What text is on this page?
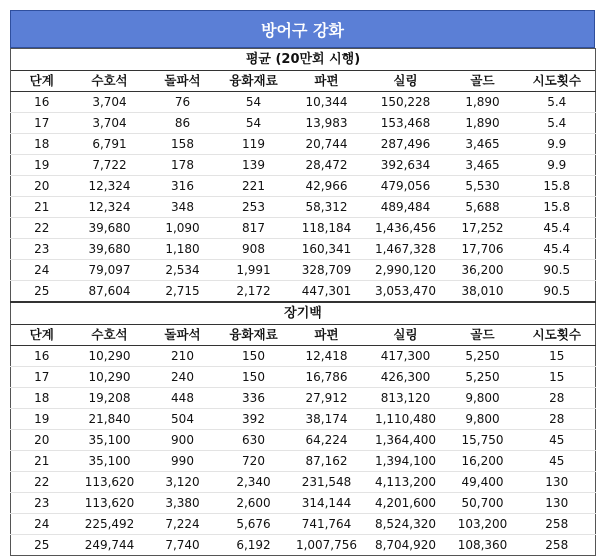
방어구 강화
평균 (20만회 시행)							
단계	수호석	돌파석	융화재료	파편	실링	골드	시도횟수
16	3,704	76	54	10,344	150,228	1,890	5.4
17	3,704	86	54	13,983	153,468	1,890	5.4
18	6,791	158	119	20,744	287,496	3,465	9.9
19	7,722	178	139	28,472	392,634	3,465	9.9
20	12,324	316	221	42,966	479,056	5,530	15.8
21	12,324	348	253	58,312	489,484	5,688	15.8
22	39,680	1,090	817	118,184	1,436,456	17,252	45.4
23	39,680	1,180	908	160,341	1,467,328	17,706	45.4
24	79,097	2,534	1,991	328,709	2,990,120	36,200	90.5
25	87,604	2,715	2,172	447,301	3,053,470	38,010	90.5
장기백							
단계	수호석	돌파석	융화재료	파편	실링	골드	시도횟수
16	10,290	210	150	12,418	417,300	5,250	15
17	10,290	240	150	16,786	426,300	5,250	15
18	19,208	448	336	27,912	813,120	9,800	28
19	21,840	504	392	38,174	1,110,480	9,800	28
20	35,100	900	630	64,224	1,364,400	15,750	45
21	35,100	990	720	87,162	1,394,100	16,200	45
22	113,620	3,120	2,340	231,548	4,113,200	49,400	130
23	113,620	3,380	2,600	314,144	4,201,600	50,700	130
24	225,492	7,224	5,676	741,764	8,524,320	103,200	258
25	249,744	7,740	6,192	1,007,756	8,704,920	108,360	258
